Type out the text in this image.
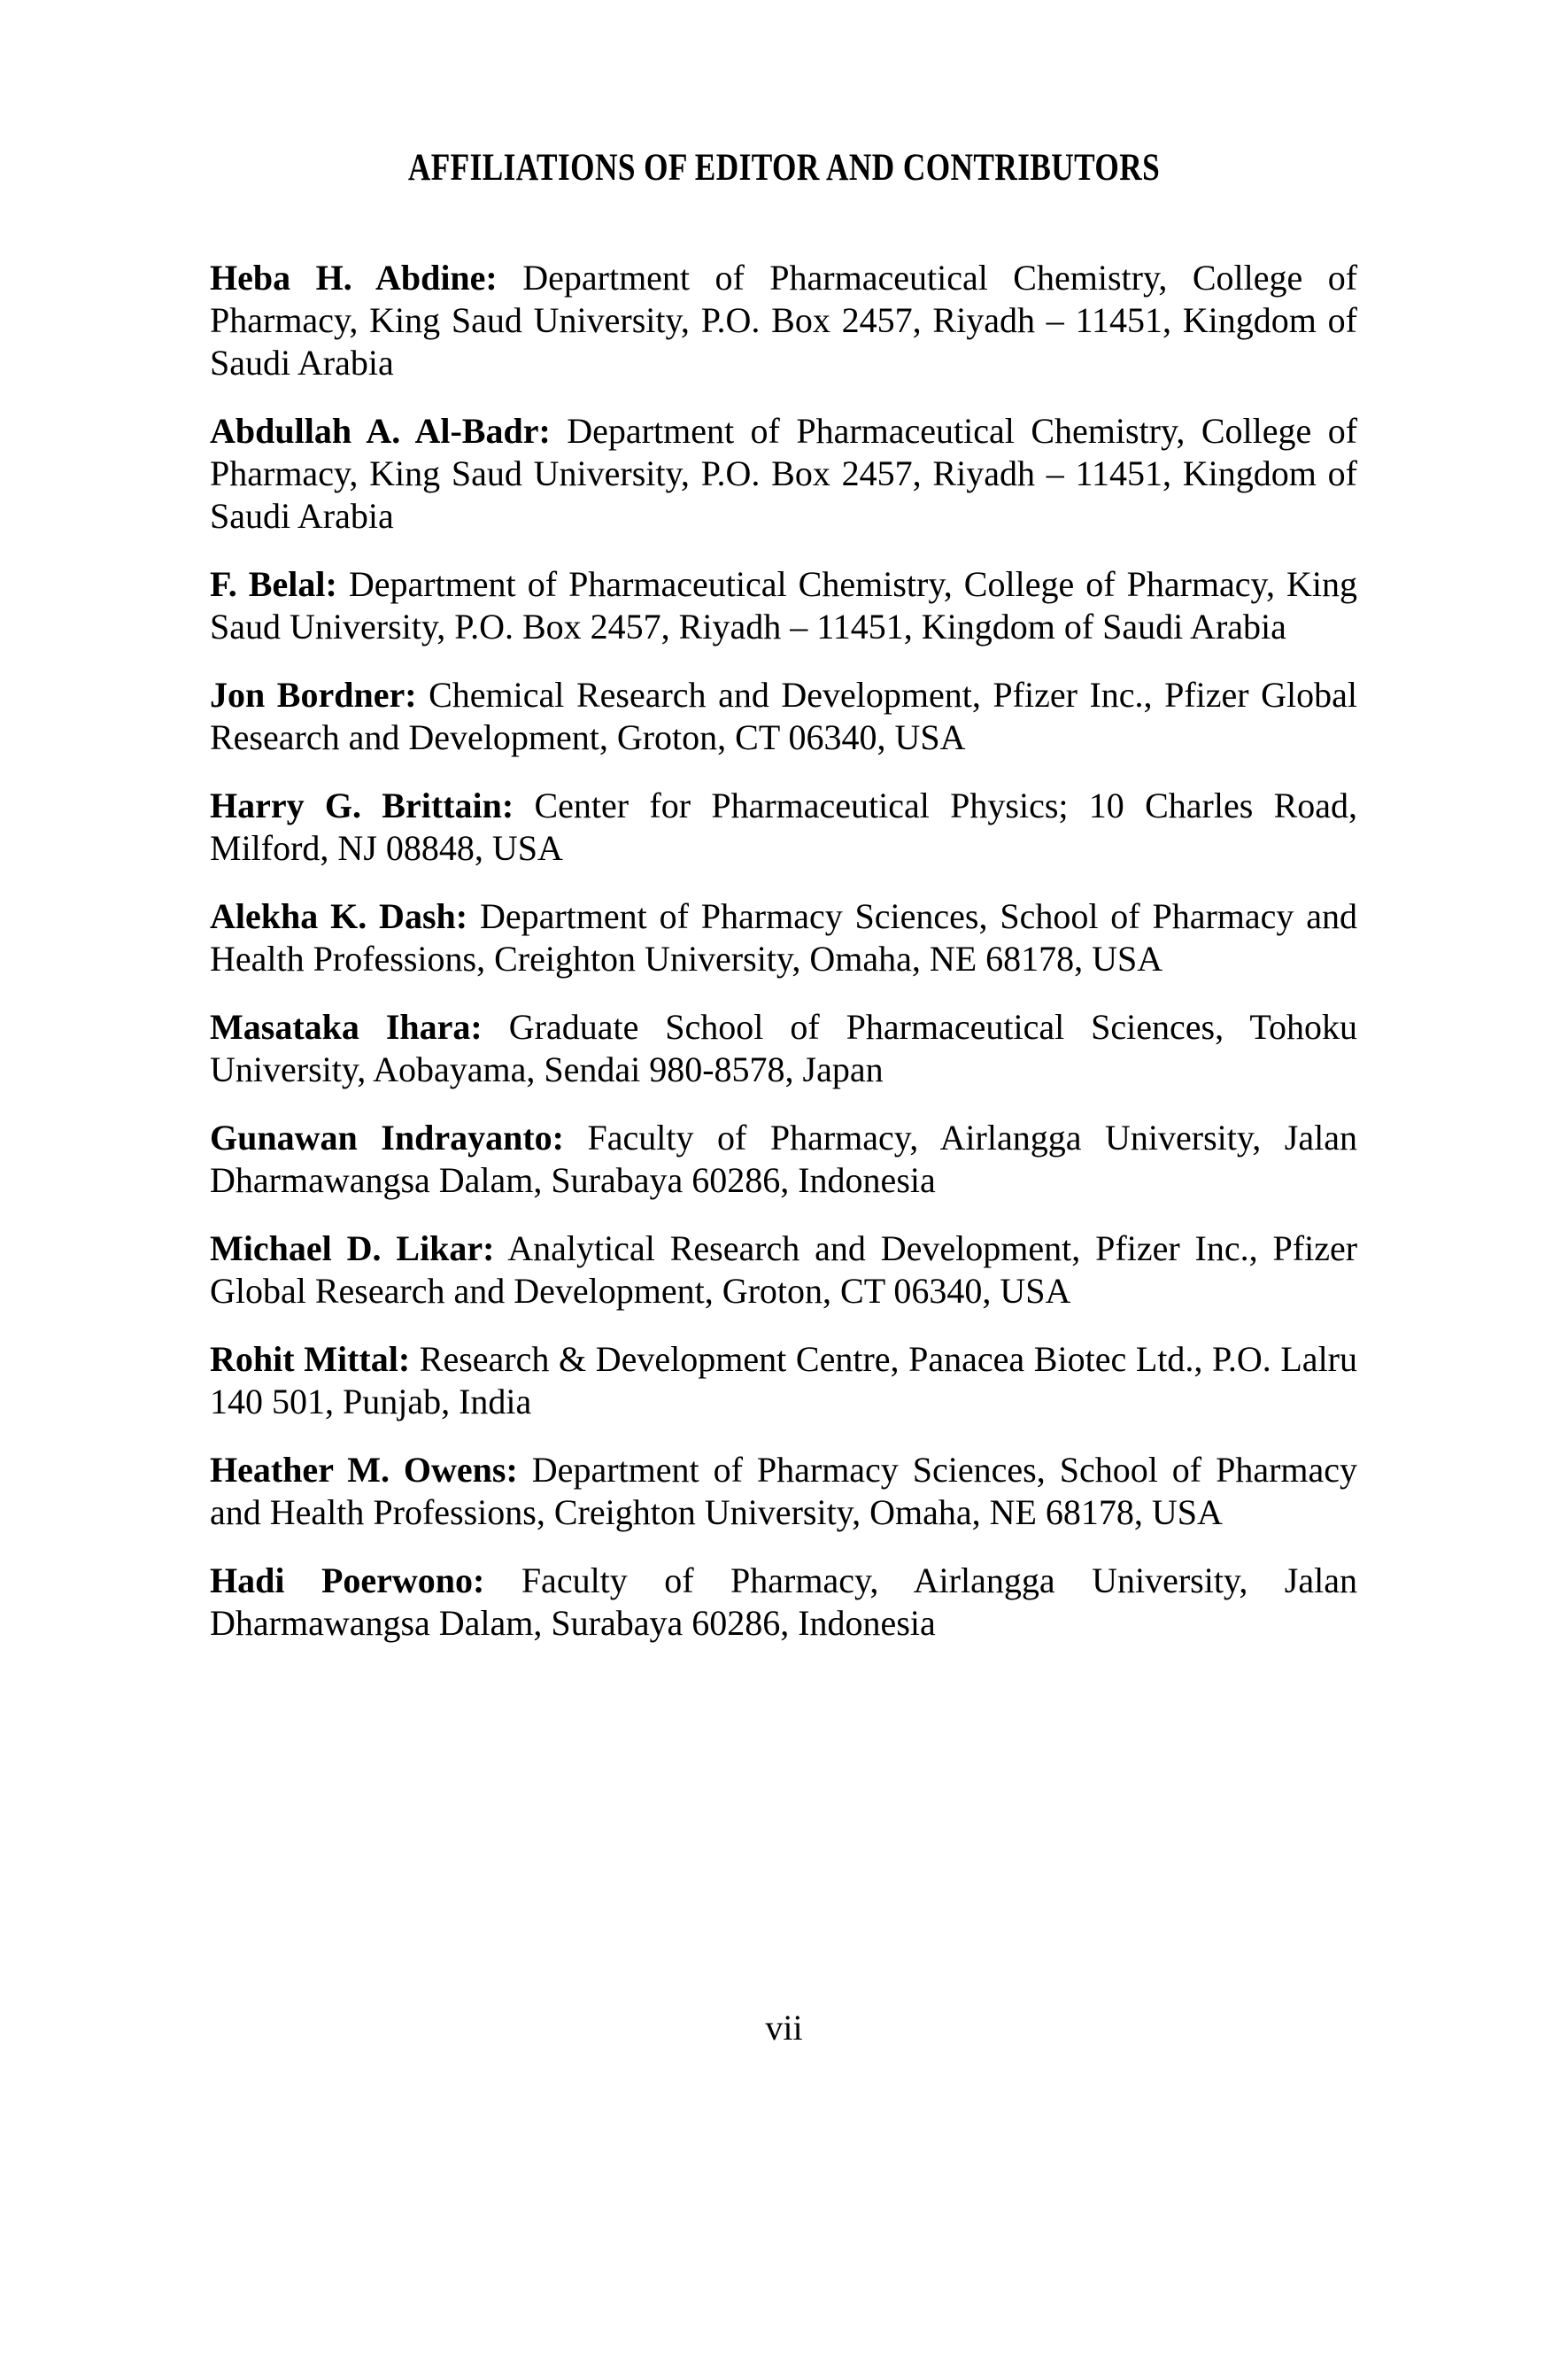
AFFILIATIONS OF EDITOR AND CONTRIBUTORS

Heba H. Abdine: Department of Pharmaceutical Chemistry, College of Pharmacy, King Saud University, P.O. Box 2457, Riyadh – 11451, Kingdom of Saudi Arabia

Abdullah A. Al-Badr: Department of Pharmaceutical Chemistry, College of Pharmacy, King Saud University, P.O. Box 2457, Riyadh – 11451, Kingdom of Saudi Arabia

F. Belal: Department of Pharmaceutical Chemistry, College of Pharmacy, King Saud University, P.O. Box 2457, Riyadh – 11451, Kingdom of Saudi Arabia

Jon Bordner: Chemical Research and Development, Pfizer Inc., Pfizer Global Research and Development, Groton, CT 06340, USA

Harry G. Brittain: Center for Pharmaceutical Physics; 10 Charles Road, Milford, NJ 08848, USA

Alekha K. Dash: Department of Pharmacy Sciences, School of Pharmacy and Health Professions, Creighton University, Omaha, NE 68178, USA

Masataka Ihara: Graduate School of Pharmaceutical Sciences, Tohoku University, Aobayama, Sendai 980-8578, Japan

Gunawan Indrayanto: Faculty of Pharmacy, Airlangga University, Jalan Dharmawangsa Dalam, Surabaya 60286, Indonesia

Michael D. Likar: Analytical Research and Development, Pfizer Inc., Pfizer Global Research and Development, Groton, CT 06340, USA

Rohit Mittal: Research & Development Centre, Panacea Biotec Ltd., P.O. Lalru 140 501, Punjab, India

Heather M. Owens: Department of Pharmacy Sciences, School of Pharmacy and Health Professions, Creighton University, Omaha, NE 68178, USA

Hadi Poerwono: Faculty of Pharmacy, Airlangga University, Jalan Dharmawangsa Dalam, Surabaya 60286, Indonesia

vii
